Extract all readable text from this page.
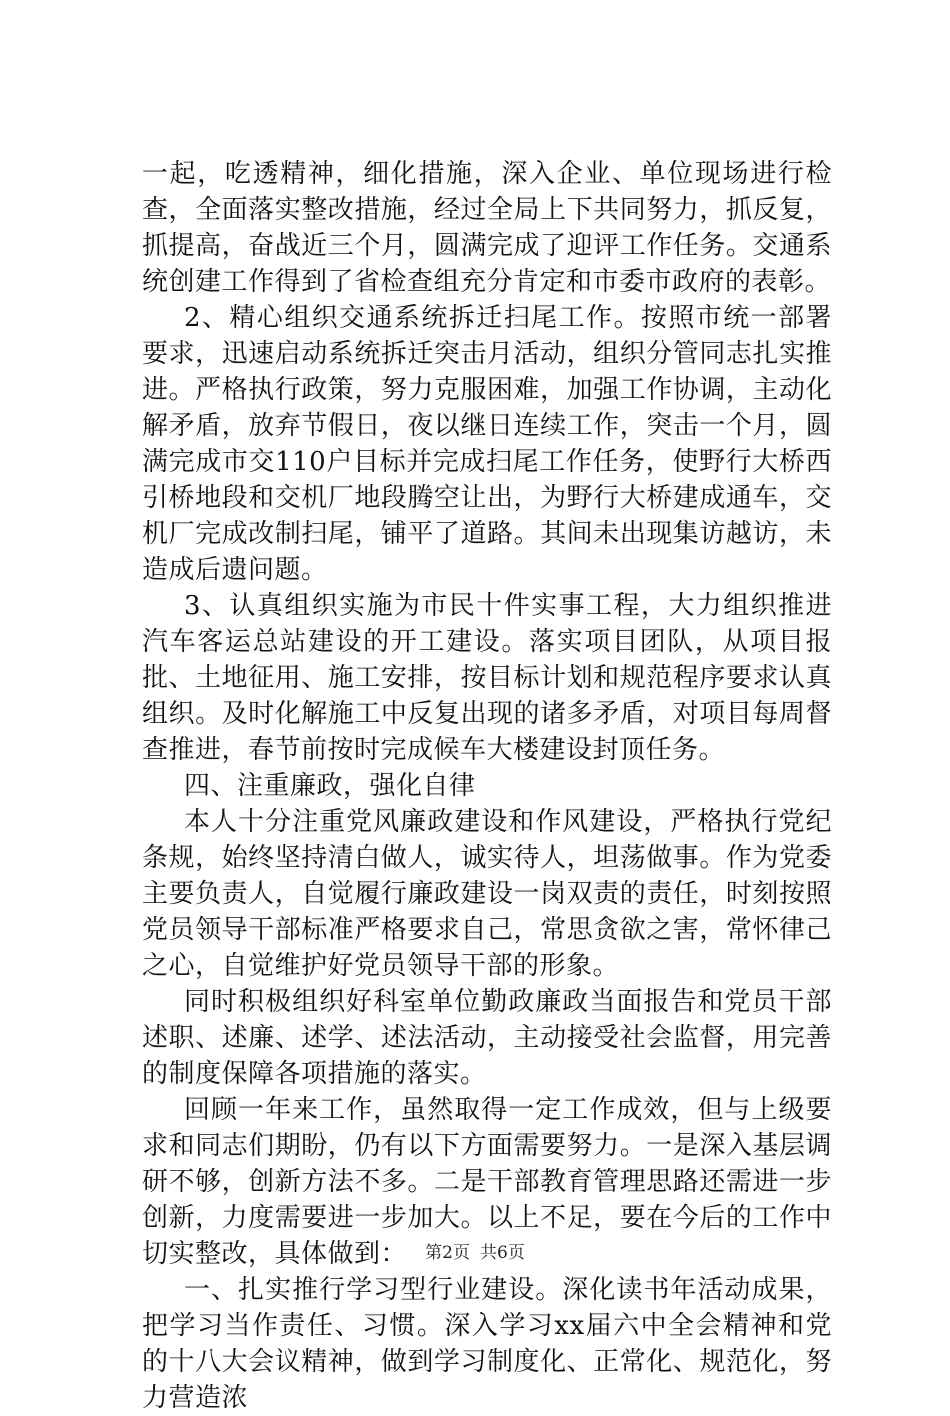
一起，吃透精神，细化措施，深入企业、单位现场进行检查，全面落实整改措施，经过全局上下共同努力，抓反复，抓提高，奋战近三个月，圆满完成了迎评工作任务。交通系统创建工作得到了省检查组充分肯定和市委市政府的表彰。

2、精心组织交通系统拆迁扫尾工作。按照市统一部署要求，迅速启动系统拆迁突击月活动，组织分管同志扎实推进。严格执行政策，努力克服困难，加强工作协调，主动化解矛盾，放弃节假日，夜以继日连续工作，突击一个月，圆满完成市交110户目标并完成扫尾工作任务，使野行大桥西引桥地段和交机厂地段腾空让出，为野行大桥建成通车，交机厂完成改制扫尾，铺平了道路。其间未出现集访越访，未造成后遗问题。

3、认真组织实施为市民十件实事工程，大力组织推进汽车客运总站建设的开工建设。落实项目团队，从项目报批、土地征用、施工安排，按目标计划和规范程序要求认真组织。及时化解施工中反复出现的诸多矛盾，对项目每周督查推进，春节前按时完成候车大楼建设封顶任务。

四、注重廉政，强化自律

本人十分注重党风廉政建设和作风建设，严格执行党纪条规，始终坚持清白做人，诚实待人，坦荡做事。作为党委主要负责人，自觉履行廉政建设一岗双责的责任，时刻按照党员领导干部标准严格要求自己，常思贪欲之害，常怀律己之心，自觉维护好党员领导干部的形象。

同时积极组织好科室单位勤政廉政当面报告和党员干部述职、述廉、述学、述法活动，主动接受社会监督，用完善的制度保障各项措施的落实。

回顾一年来工作，虽然取得一定工作成效，但与上级要求和同志们期盼，仍有以下方面需要努力。一是深入基层调研不够，创新方法不多。二是干部教育管理思路还需进一步创新，力度需要进一步加大。以上不足，要在今后的工作中切实整改，具体做到：

一、扎实推行学习型行业建设。深化读书年活动成果，把学习当作责任、习惯。深入学习xx届六中全会精神和党的十八大会议精神，做到学习制度化、正常化、规范化，努力营造浓

第2页 共6页
